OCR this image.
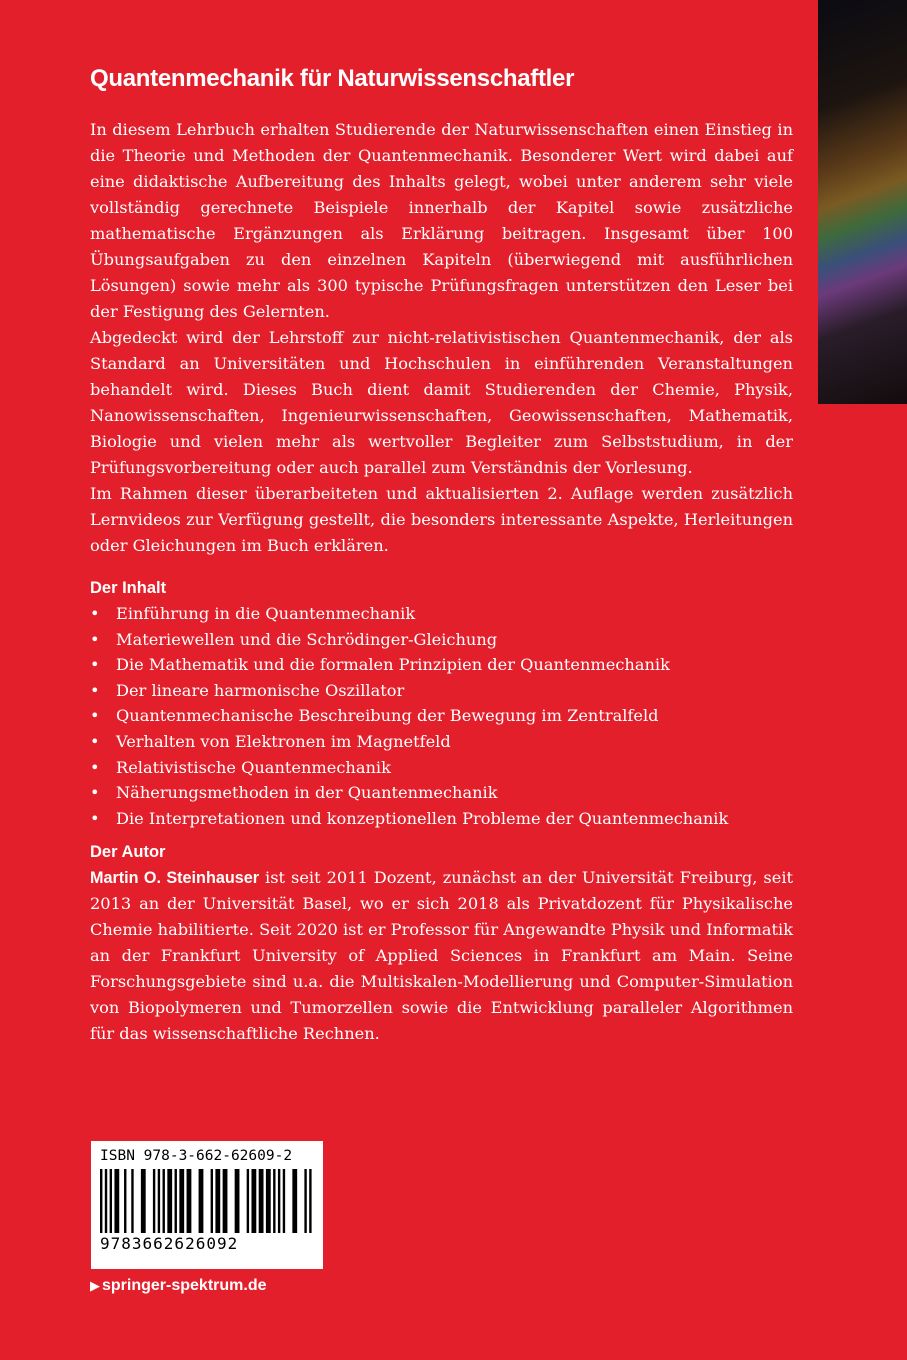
Quantenmechanik für Naturwissenschaftler

In diesem Lehrbuch erhalten Studierende der Naturwissenschaften einen Einstieg in die Theorie und Methoden der Quantenmechanik. Besonderer Wert wird dabei auf eine didaktische Aufbereitung des Inhalts gelegt, wobei unter anderem sehr viele vollständig gerechnete Beispiele innerhalb der Kapitel sowie zusätzliche mathematische Ergänzungen als Erklärung beitragen. Insgesamt über 100 Übungsaufgaben zu den einzelnen Kapiteln (überwiegend mit ausführlichen Lösungen) sowie mehr als 300 typische Prüfungsfragen unterstützen den Leser bei der Festigung des Gelernten.

Abgedeckt wird der Lehrstoff zur nicht-relativistischen Quantenmechanik, der als Standard an Universitäten und Hochschulen in einführenden Veranstaltungen behandelt wird. Dieses Buch dient damit Studierenden der Chemie, Physik, Nanowissenschaften, Ingenieurwissenschaften, Geowissenschaften, Mathematik, Biologie und vielen mehr als wertvoller Begleiter zum Selbststudium, in der Prüfungsvorbereitung oder auch parallel zum Verständnis der Vorlesung.

Im Rahmen dieser überarbeiteten und aktualisierten 2. Auflage werden zusätzlich Lernvideos zur Verfügung gestellt, die besonders interessante Aspekte, Herleitungen oder Gleichungen im Buch erklären.

Der Inhalt
• Einführung in die Quantenmechanik
• Materiewellen und die Schrödinger-Gleichung
• Die Mathematik und die formalen Prinzipien der Quantenmechanik
• Der lineare harmonische Oszillator
• Quantenmechanische Beschreibung der Bewegung im Zentralfeld
• Verhalten von Elektronen im Magnetfeld
• Relativistische Quantenmechanik
• Näherungsmethoden in der Quantenmechanik
• Die Interpretationen und konzeptionellen Probleme der Quantenmechanik
Der Autor

Martin O. Steinhauser ist seit 2011 Dozent, zunächst an der Universität Freiburg, seit 2013 an der Universität Basel, wo er sich 2018 als Privatdozent für Physikalische Chemie habilitierte. Seit 2020 ist er Professor für Angewandte Physik und Informatik an der Frankfurt University of Applied Sciences in Frankfurt am Main. Seine Forschungsgebiete sind u.a. die Multiskalen-Modellierung und Computer-Simulation von Biopolymeren und Tumorzellen sowie die Entwicklung paralleler Algorithmen für das wissenschaftliche Rechnen.

ISBN 978-3-662-62609-2
9783662626092
▶ springer-spektrum.de
